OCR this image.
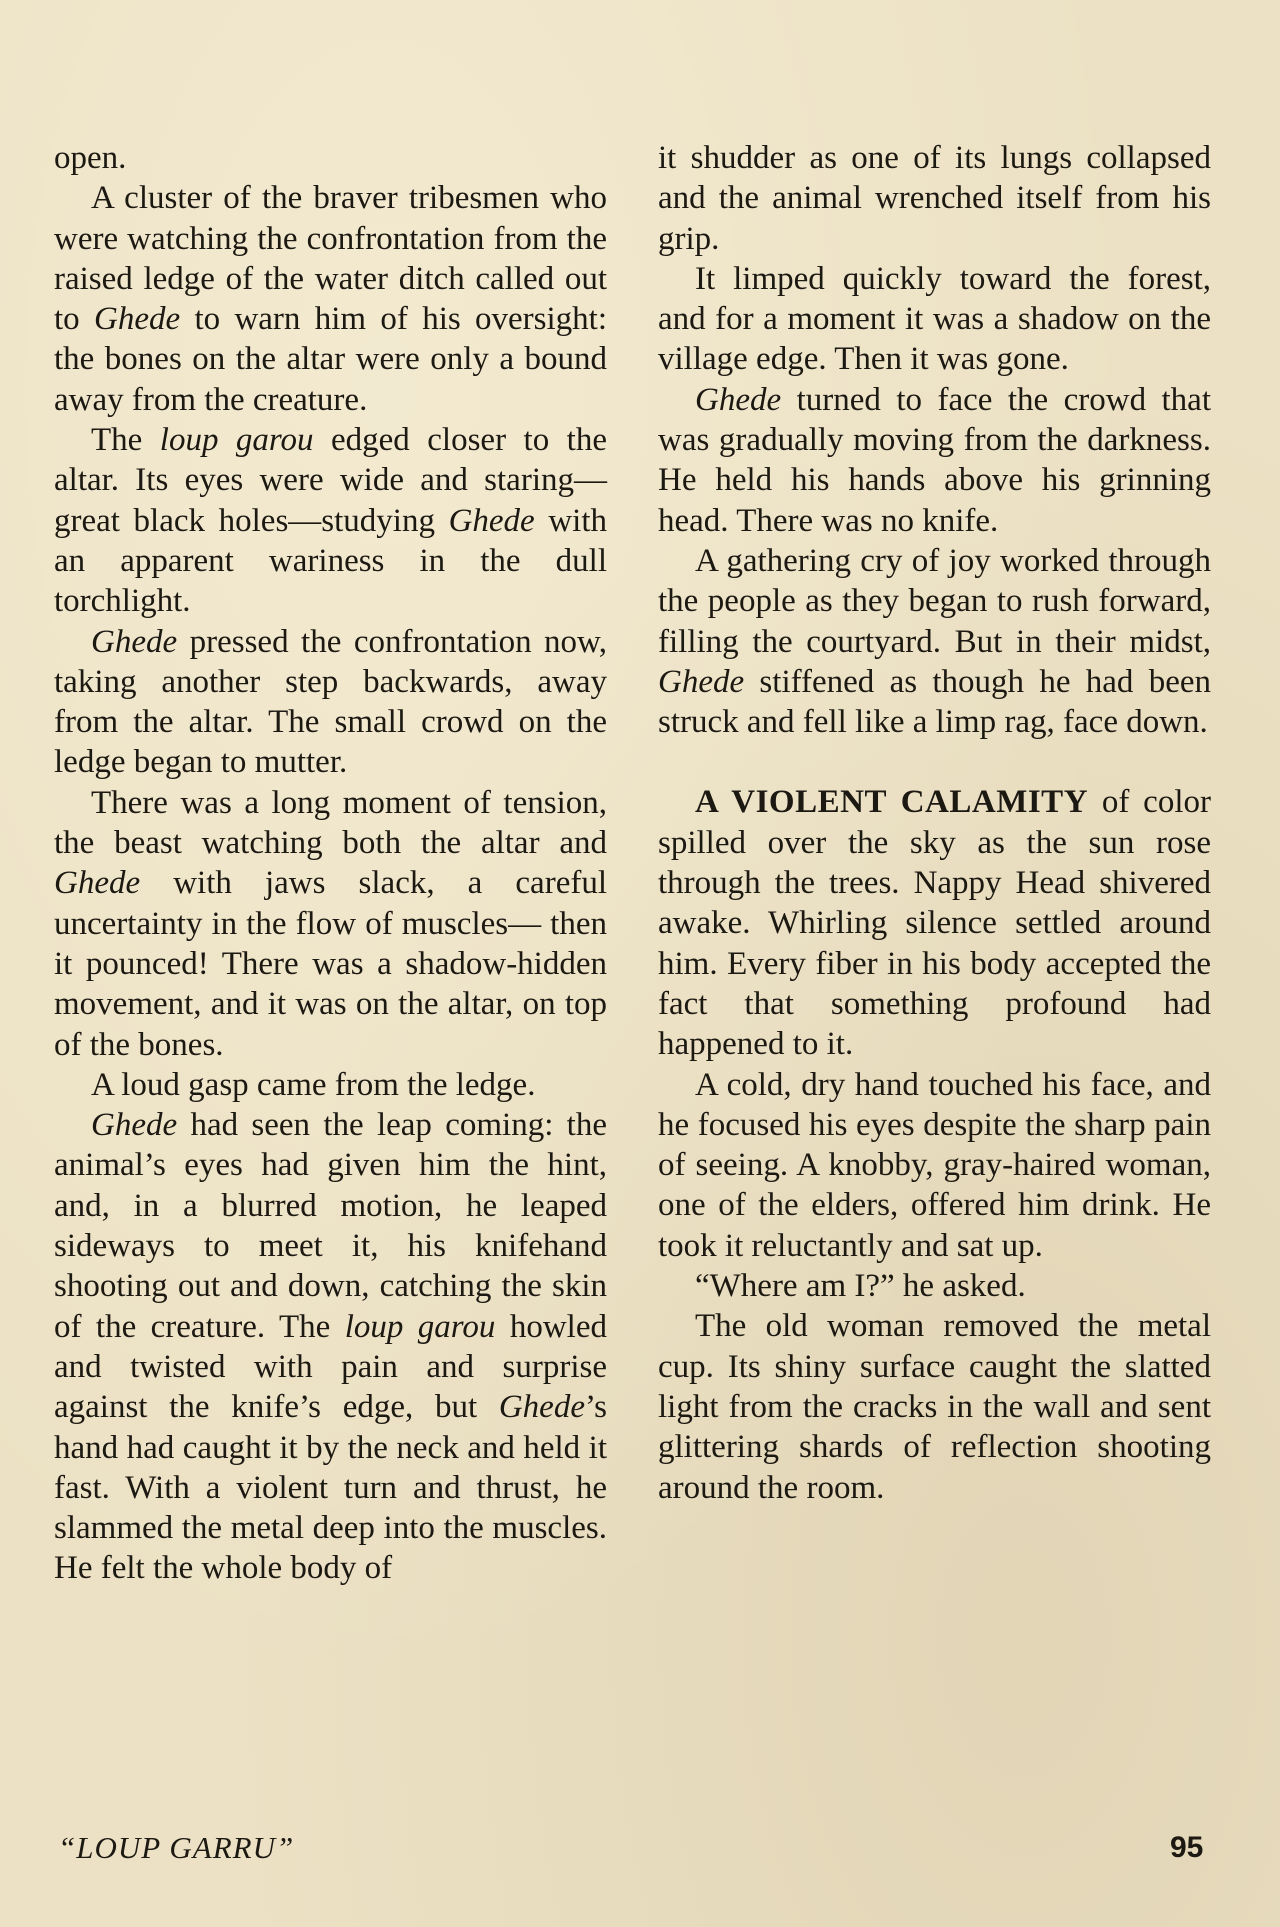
open.

A cluster of the braver tribesmen who were watching the confrontation from the raised ledge of the water ditch called out to Ghede to warn him of his oversight: the bones on the altar were only a bound away from the creature.

The loup garou edged closer to the altar. Its eyes were wide and staring—great black holes—studying Ghede with an apparent wariness in the dull torchlight.

Ghede pressed the confrontation now, taking another step backwards, away from the altar. The small crowd on the ledge began to mutter.

There was a long moment of tension, the beast watching both the altar and Ghede with jaws slack, a careful uncertainty in the flow of muscles— then it pounced! There was a shadow-hidden movement, and it was on the altar, on top of the bones.

A loud gasp came from the ledge.

Ghede had seen the leap coming: the animal’s eyes had given him the hint, and, in a blurred motion, he leaped sideways to meet it, his knifehand shooting out and down, catching the skin of the creature. The loup garou howled and twisted with pain and surprise against the knife’s edge, but Ghede’s hand had caught it by the neck and held it fast. With a violent turn and thrust, he slammed the metal deep into the muscles. He felt the whole body of

it shudder as one of its lungs collapsed and the animal wrenched itself from his grip.

It limped quickly toward the forest, and for a moment it was a shadow on the village edge. Then it was gone.

Ghede turned to face the crowd that was gradually moving from the darkness. He held his hands above his grinning head. There was no knife.

A gathering cry of joy worked through the people as they began to rush forward, filling the courtyard. But in their midst, Ghede stiffened as though he had been struck and fell like a limp rag, face down.

A VIOLENT CALAMITY of color spilled over the sky as the sun rose through the trees. Nappy Head shivered awake. Whirling silence settled around him. Every fiber in his body accepted the fact that something profound had happened to it.

A cold, dry hand touched his face, and he focused his eyes despite the sharp pain of seeing. A knobby, gray-haired woman, one of the elders, offered him drink. He took it reluctantly and sat up.

“Where am I?” he asked.

The old woman removed the metal cup. Its shiny surface caught the slatted light from the cracks in the wall and sent glittering shards of reflection shooting around the room.

“LOUP GARRU”	95
